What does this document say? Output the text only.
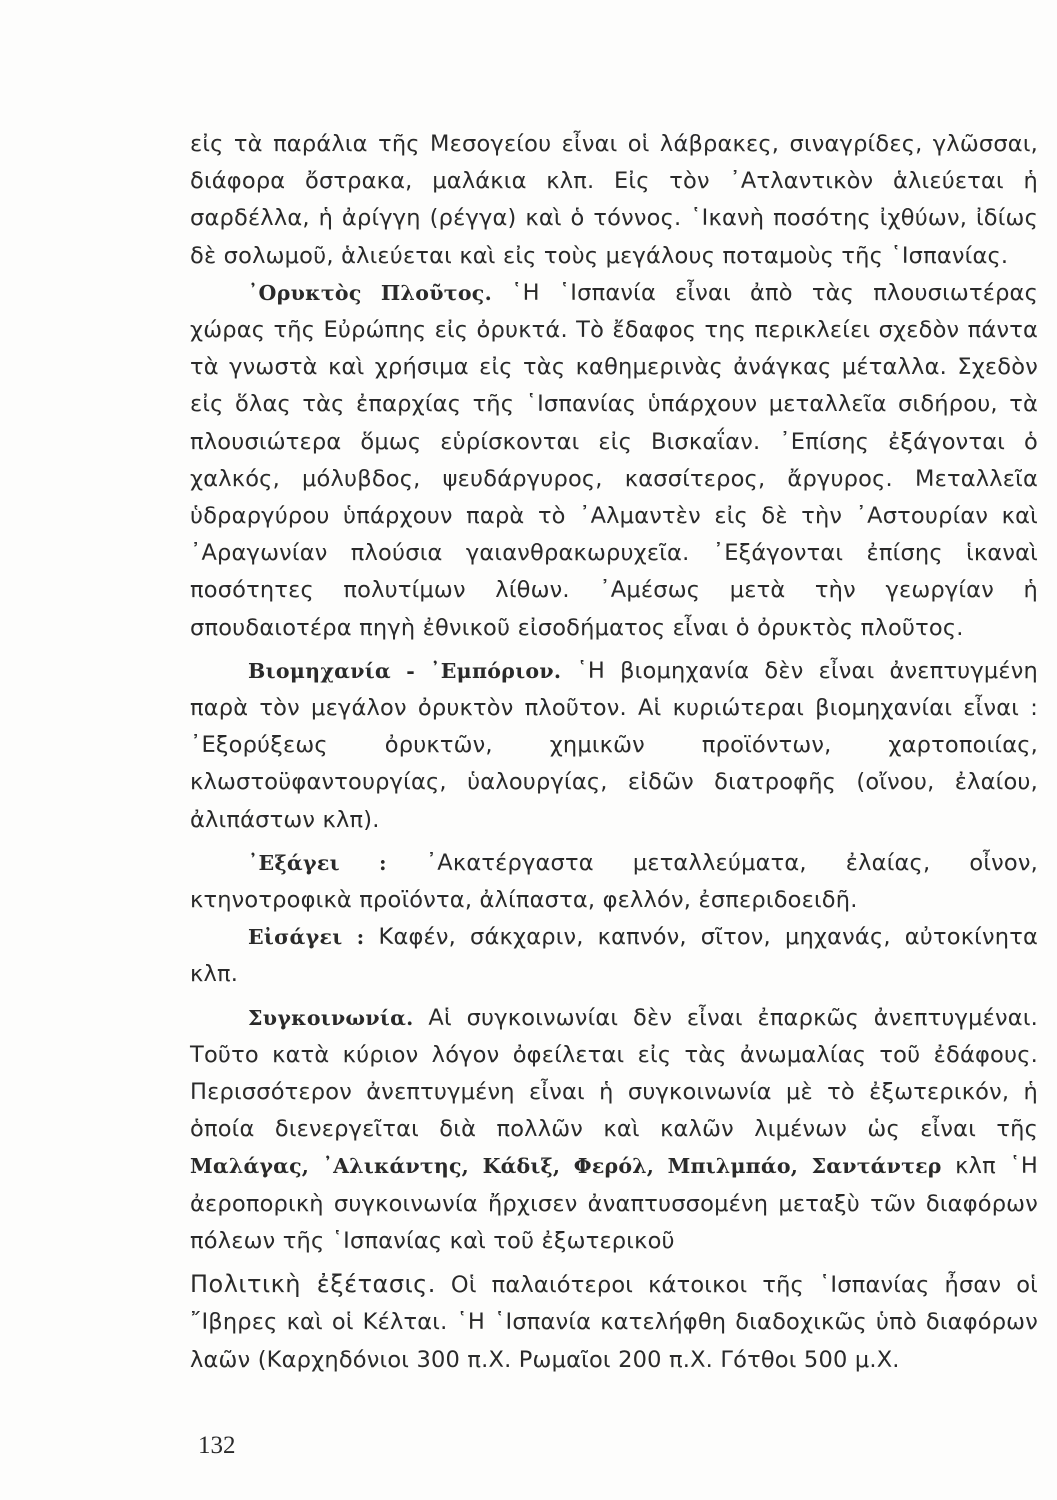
εἰς τὰ παράλια τῆς Μεσογείου εἶναι οἱ λάβρακες, σιναγρίδες, γλῶσσαι, διάφορα ὄστρακα, μαλάκια κλπ. Εἰς τὸν ᾿Ατλαντικὸν ἁλιεύεται ἡ σαρδέλλα, ἡ ἀρίγγη (ρέγγα) καὶ ὁ τόννος. ῾Ικανὴ ποσότης ἰχθύων, ἰδίως δὲ σολωμοῦ, ἁλιεύεται καὶ εἰς τοὺς μεγάλους ποταμοὺς τῆς ῾Ισπανίας.

᾿Ορυκτὸς Πλοῦτος. ῾Η ῾Ισπανία εἶναι ἀπὸ τὰς πλουσιωτέρας χώρας τῆς Εὐρώπης εἰς ὀρυκτά. Τὸ ἔδαφος της περικλείει σχεδὸν πάντα τὰ γνωστὰ καὶ χρήσιμα εἰς τὰς καθημερινὰς ἀνάγκας μέταλλα. Σχεδὸν εἰς ὅλας τὰς ἐπαρχίας τῆς ῾Ισπανίας ὑπάρχουν μεταλλεῖα σιδήρου, τὰ πλουσιώτερα ὅμως εὑρίσκονται εἰς Βισκαΐαν. ᾿Επίσης ἐξάγονται ὁ χαλκός, μόλυβδος, ψευδάργυρος, κασσίτερος, ἄργυρος. Μεταλλεῖα ὑδραργύρου ὑπάρχουν παρὰ τὸ ᾿Αλμαντὲν εἰς δὲ τὴν ᾿Αστουρίαν καὶ ᾿Αραγωνίαν πλούσια γαιανθρακωρυχεῖα. ᾿Εξάγονται ἐπίσης ἱκαναὶ ποσότητες πολυτίμων λίθων. ᾿Αμέσως μετὰ τὴν γεωργίαν ἡ σπουδαιοτέρα πηγὴ ἐθνικοῦ εἰσοδήματος εἶναι ὁ ὀρυκτὸς πλοῦτος.

Βιομηχανία - ᾿Εμπόριον. ῾Η βιομηχανία δὲν εἶναι ἀνεπτυγμένη παρὰ τὸν μεγάλον ὀρυκτὸν πλοῦτον. Αἱ κυριώτεραι βιομηχανίαι εἶναι : ᾿Εξορύξεως ὀρυκτῶν, χημικῶν προϊόντων, χαρτοποιίας, κλωστοϋφαντουργίας, ὑαλουργίας, εἰδῶν διατροφῆς (οἴνου, ἐλαίου, ἀλιπάστων κλπ).

᾿Εξάγει : ᾿Ακατέργαστα μεταλλεύματα, ἐλαίας, οἶνον, κτηνοτροφικὰ προϊόντα, ἀλίπαστα, φελλόν, ἐσπεριδοειδῆ.

Εἰσάγει : Καφέν, σάκχαριν, καπνόν, σῖτον, μηχανάς, αὐτοκίνητα κλπ.

Συγκοινωνία. Αἱ συγκοινωνίαι δὲν εἶναι ἐπαρκῶς ἀνεπτυγμέναι. Τοῦτο κατὰ κύριον λόγον ὀφείλεται εἰς τὰς ἀνωμαλίας τοῦ ἐδάφους. Περισσότερον ἀνεπτυγμένη εἶναι ἡ συγκοινωνία μὲ τὸ ἐξωτερικόν, ἡ ὁποία διενεργεῖται διὰ πολλῶν καὶ καλῶν λιμένων ὡς εἶναι τῆς Μαλάγας, ᾿Αλικάντης, Κάδιξ, Φερόλ, Μπιλμπάο, Σαντάντερ κλπ ῾Η ἀεροπορικὴ συγκοινωνία ἤρχισεν ἀναπτυσσομένη μεταξὺ τῶν διαφόρων πόλεων τῆς ῾Ισπανίας καὶ τοῦ ἐξωτερικοῦ

Πολιτικὴ ἐξέτασις. Οἱ παλαιότεροι κάτοικοι τῆς ῾Ισπανίας ἦσαν οἱ ῎Ιβηρες καὶ οἱ Κέλται. ῾Η ῾Ισπανία κατελήφθη διαδοχικῶς ὑπὸ διαφόρων λαῶν (Καρχηδόνιοι 300 π.Χ. Ρωμαῖοι 200 π.Χ. Γότθοι 500 μ.Χ.

132
